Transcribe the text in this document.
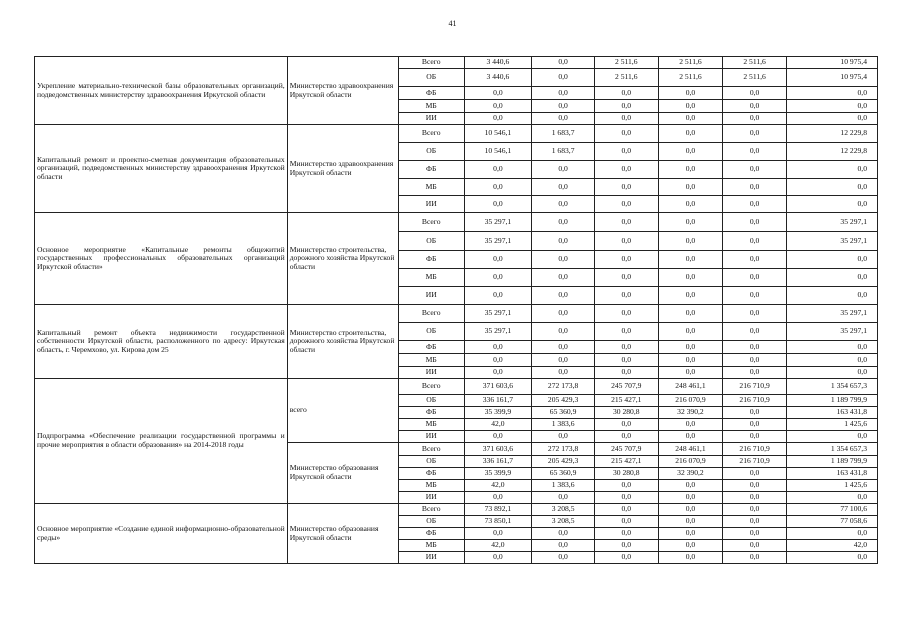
41
Укрепление материально-технической базы образовательных организаций, подведомственных министерству здравоохранения Иркутской области	Министерство здравоохранения Иркутской области	Всего	3 440,6	0,0	2 511,6	2 511,6	2 511,6	10 975,4
		ОБ	3 440,6	0,0	2 511,6	2 511,6	2 511,6	10 975,4
		ФБ	0,0	0,0	0,0	0,0	0,0	0,0
		МБ	0,0	0,0	0,0	0,0	0,0	0,0
		ИИ	0,0	0,0	0,0	0,0	0,0	0,0
Капитальный ремонт и проектно-сметная документация образовательных организаций, подведомственных министерству здравоохранения Иркутской области	Министерство здравоохранения Иркутской области	Всего	10 546,1	1 683,7	0,0	0,0	0,0	12 229,8
		ОБ	10 546,1	1 683,7	0,0	0,0	0,0	12 229,8
		ФБ	0,0	0,0	0,0	0,0	0,0	0,0
		МБ	0,0	0,0	0,0	0,0	0,0	0,0
		ИИ	0,0	0,0	0,0	0,0	0,0	0,0
Основное мероприятие «Капитальные ремонты общежитий государственных профессиональных образовательных организаций Иркутской области»	Министерство строительства, дорожного хозяйства Иркутской области	Всего	35 297,1	0,0	0,0	0,0	0,0	35 297,1
		ОБ	35 297,1	0,0	0,0	0,0	0,0	35 297,1
		ФБ	0,0	0,0	0,0	0,0	0,0	0,0
		МБ	0,0	0,0	0,0	0,0	0,0	0,0
		ИИ	0,0	0,0	0,0	0,0	0,0	0,0
Капитальный ремонт объекта недвижимости государственной собственности Иркутской области, расположенного по адресу: Иркутская область, г. Черемхово, ул. Кирова дом 25	Министерство строительства, дорожного хозяйства Иркутской области	Всего	35 297,1	0,0	0,0	0,0	0,0	35 297,1
		ОБ	35 297,1	0,0	0,0	0,0	0,0	35 297,1
		ФБ	0,0	0,0	0,0	0,0	0,0	0,0
		МБ	0,0	0,0	0,0	0,0	0,0	0,0
		ИИ	0,0	0,0	0,0	0,0	0,0	0,0
Подпрограмма «Обеспечение реализации государственной программы и прочие мероприятия в области образования» на 2014-2018 годы	всего	Всего	371 603,6	272 173,8	245 707,9	248 461,1	216 710,9	1 354 657,3
		ОБ	336 161,7	205 429,3	215 427,1	216 070,9	216 710,9	1 189 799,9
		ФБ	35 399,9	65 360,9	30 280,8	32 390,2	0,0	163 431,8
		МБ	42,0	1 383,6	0,0	0,0	0,0	1 425,6
		ИИ	0,0	0,0	0,0	0,0	0,0	0,0
	Министерство образования Иркутской области	Всего	371 603,6	272 173,8	245 707,9	248 461,1	216 710,9	1 354 657,3
		ОБ	336 161,7	205 429,3	215 427,1	216 070,9	216 710,9	1 189 799,9
		ФБ	35 399,9	65 360,9	30 280,8	32 390,2	0,0	163 431,8
		МБ	42,0	1 383,6	0,0	0,0	0,0	1 425,6
		ИИ	0,0	0,0	0,0	0,0	0,0	0,0
Основное мероприятие «Создание единой информационно-образовательной среды»	Министерство образования Иркутской области	Всего	73 892,1	3 208,5	0,0	0,0	0,0	77 100,6
		ОБ	73 850,1	3 208,5	0,0	0,0	0,0	77 058,6
		ФБ	0,0	0,0	0,0	0,0	0,0	0,0
		МБ	42,0	0,0	0,0	0,0	0,0	42,0
		ИИ	0,0	0,0	0,0	0,0	0,0	0,0
